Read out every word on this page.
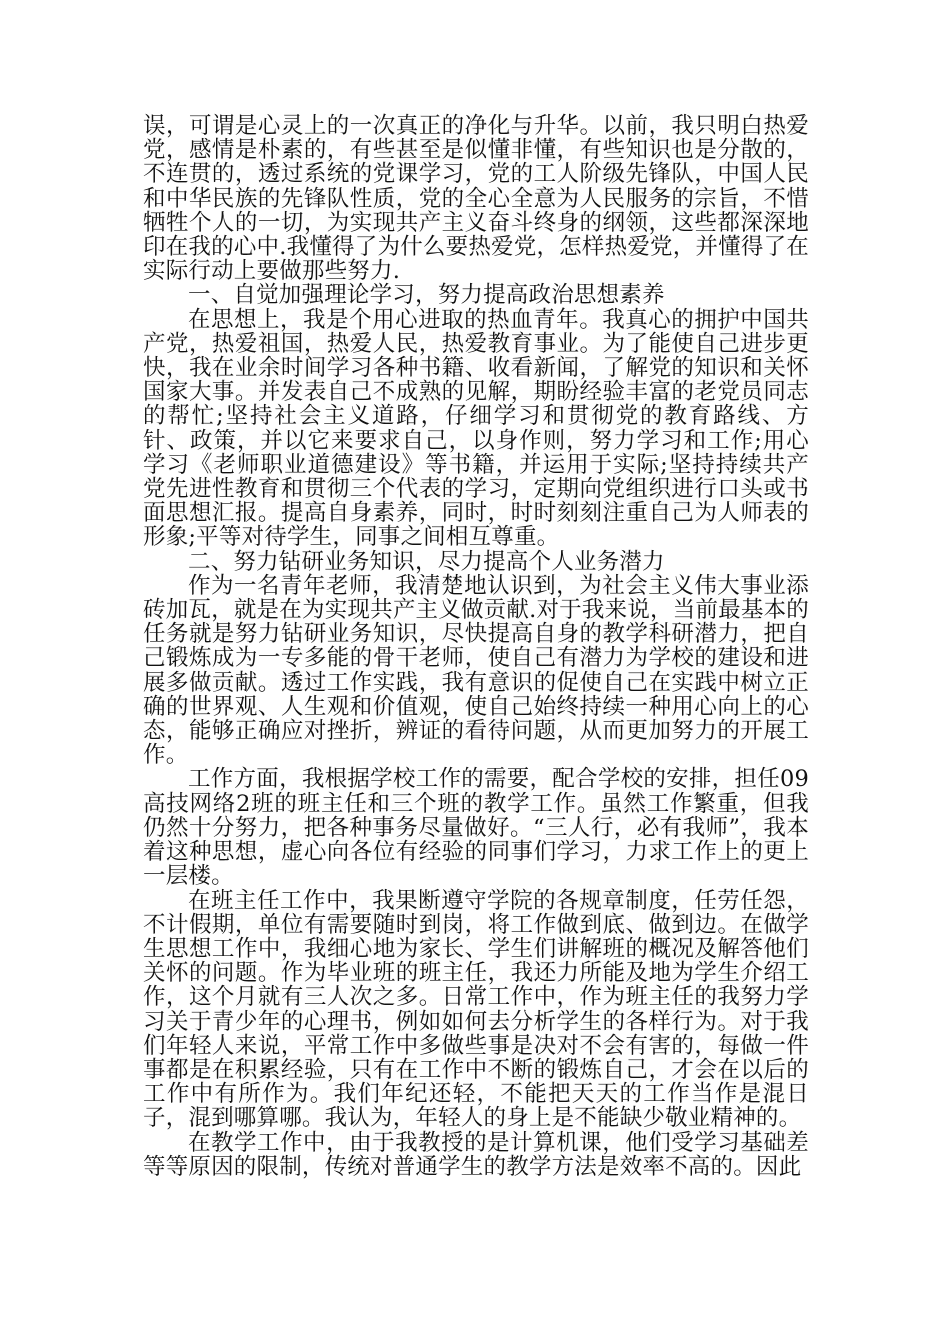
误，可谓是心灵上的一次真正的净化与升华。以前，我只明白热爱党，感情是朴素的，有些甚至是似懂非懂，有些知识也是分散的，不连贯的，透过系统的党课学习，党的工人阶级先锋队，中国人民和中华民族的先锋队性质，党的全心全意为人民服务的宗旨，不惜牺牲个人的一切，为实现共产主义奋斗终身的纲领，这些都深深地印在我的心中.我懂得了为什么要热爱党，怎样热爱党，并懂得了在实际行动上要做那些努力.

一、自觉加强理论学习，努力提高政治思想素养

在思想上，我是个用心进取的热血青年。我真心的拥护中国共产党，热爱祖国，热爱人民，热爱教育事业。为了能使自己进步更快，我在业余时间学习各种书籍、收看新闻，了解党的知识和关怀国家大事。并发表自己不成熟的见解，期盼经验丰富的老党员同志的帮忙;坚持社会主义道路，仔细学习和贯彻党的教育路线、方针、政策，并以它来要求自己，以身作则，努力学习和工作;用心学习《老师职业道德建设》等书籍，并运用于实际;坚持持续共产党先进性教育和贯彻三个代表的学习，定期向党组织进行口头或书面思想汇报。提高自身素养，同时，时时刻刻注重自己为人师表的形象;平等对待学生，同事之间相互尊重。

二、努力钻研业务知识，尽力提高个人业务潜力

作为一名青年老师，我清楚地认识到，为社会主义伟大事业添砖加瓦，就是在为实现共产主义做贡献.对于我来说，当前最基本的任务就是努力钻研业务知识，尽快提高自身的教学科研潜力，把自己锻炼成为一专多能的骨干老师，使自己有潜力为学校的建设和进展多做贡献。透过工作实践，我有意识的促使自己在实践中树立正确的世界观、人生观和价值观，使自己始终持续一种用心向上的心态，能够正确应对挫折，辨证的看待问题，从而更加努力的开展工作。

工作方面，我根据学校工作的需要，配合学校的安排，担任09高技网络2班的班主任和三个班的教学工作。虽然工作繁重，但我仍然十分努力，把各种事务尽量做好。“三人行，必有我师”，我本着这种思想，虚心向各位有经验的同事们学习，力求工作上的更上一层楼。

在班主任工作中，我果断遵守学院的各规章制度，任劳任怨，不计假期，单位有需要随时到岗，将工作做到底、做到边。在做学生思想工作中，我细心地为家长、学生们讲解班的概况及解答他们关怀的问题。作为毕业班的班主任，我还力所能及地为学生介绍工作，这个月就有三人次之多。日常工作中，作为班主任的我努力学习关于青少年的心理书，例如如何去分析学生的各样行为。对于我们年轻人来说，平常工作中多做些事是决对不会有害的，每做一件事都是在积累经验，只有在工作中不断的锻炼自己，才会在以后的工作中有所作为。我们年纪还轻，不能把天天的工作当作是混日子，混到哪算哪。我认为，年轻人的身上是不能缺少敬业精神的。

在教学工作中，由于我教授的是计算机课，他们受学习基础差等等原因的限制，传统对普通学生的教学方法是效率不高的。因此
